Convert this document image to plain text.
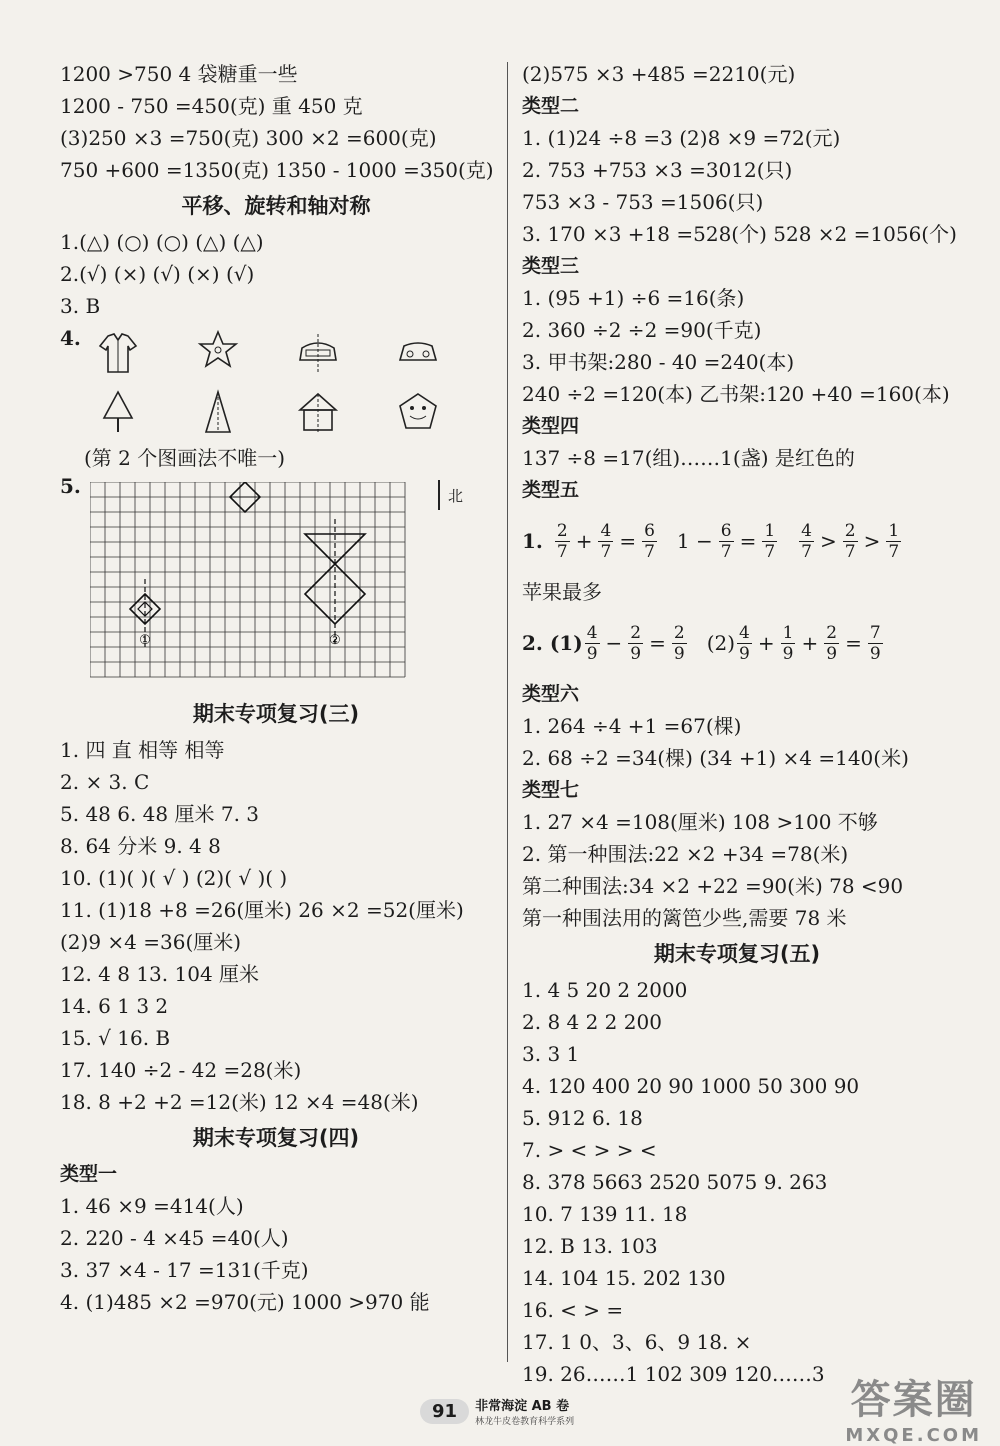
1200 >750 4 袋糖重一些
1200 - 750 =450(克) 重 450 克
(3)250 ×3 =750(克) 300 ×2 =600(克)
750 +600 =1350(克) 1350 - 1000 =350(克)
平移、旋转和轴对称
1.(△) (○) (○) (△) (△)
2.(√) (×) (√) (×) (√)
3. B
4.
(第 2 个图画法不唯一)
5.
①	②
北
期末专项复习(三)
1. 四 直 相等 相等
2. × 3. C
5. 48 6. 48 厘米 7. 3
8. 64 分米 9. 4 8
10. (1)( )( √ ) (2)( √ )( )
11. (1)18 +8 =26(厘米) 26 ×2 =52(厘米)
(2)9 ×4 =36(厘米)
12. 4 8 13. 104 厘米
14. 6 1 3 2
15. √ 16. B
17. 140 ÷2 - 42 =28(米)
18. 8 +2 +2 =12(米) 12 ×4 =48(米)
期末专项复习(四)
类型一
1. 46 ×9 =414(人)
2. 220 - 4 ×45 =40(人)
3. 37 ×4 - 17 =131(千克)
4. (1)485 ×2 =970(元) 1000 >970 能
(2)575 ×3 +485 =2210(元)
类型二
1. (1)24 ÷8 =3 (2)8 ×9 =72(元)
2. 753 +753 ×3 =3012(只)
753 ×3 - 753 =1506(只)
3. 170 ×3 +18 =528(个) 528 ×2 =1056(个)
类型三
1. (95 +1) ÷6 =16(条)
2. 360 ÷2 ÷2 =90(千克)
3. 甲书架:280 - 40 =240(本)
240 ÷2 =120(本) 乙书架:120 +40 =160(本)
类型四
137 ÷8 =17(组)……1(盏) 是红色的
类型五
1. 2
7 + 4
7 = 6
7 1 − 6
7 = 1
7
4
7 > 2
7 > 1
7
苹果最多
2. (1) 4
9 − 2
9 = 2
9 (2) 4
9 + 1
9 + 2
9 = 7
9
类型六
1. 264 ÷4 +1 =67(棵)
2. 68 ÷2 =34(棵) (34 +1) ×4 =140(米)
类型七
1. 27 ×4 =108(厘米) 108 >100 不够
2. 第一种围法:22 ×2 +34 =78(米)
第二种围法:34 ×2 +22 =90(米) 78 <90
第一种围法用的篱笆少些,需要 78 米
期末专项复习(五)
1. 4 5 20 2 2000
2. 8 4 2 2 200
3. 3 1
4. 120 400 20 90 1000 50 300 90
5. 912 6. 18
7. > < > > <
8. 378 5663 2520 5075 9. 263
10. 7 139 11. 18
12. B 13. 103
14. 104 15. 202 130
16. < > =
17. 1 0、3、6、9 18. ×
19. 26……1 102 309 120……3
91	非常海淀 AB 卷
林龙牛皮卷教育科学系列	答案圈
MXQE.COM
